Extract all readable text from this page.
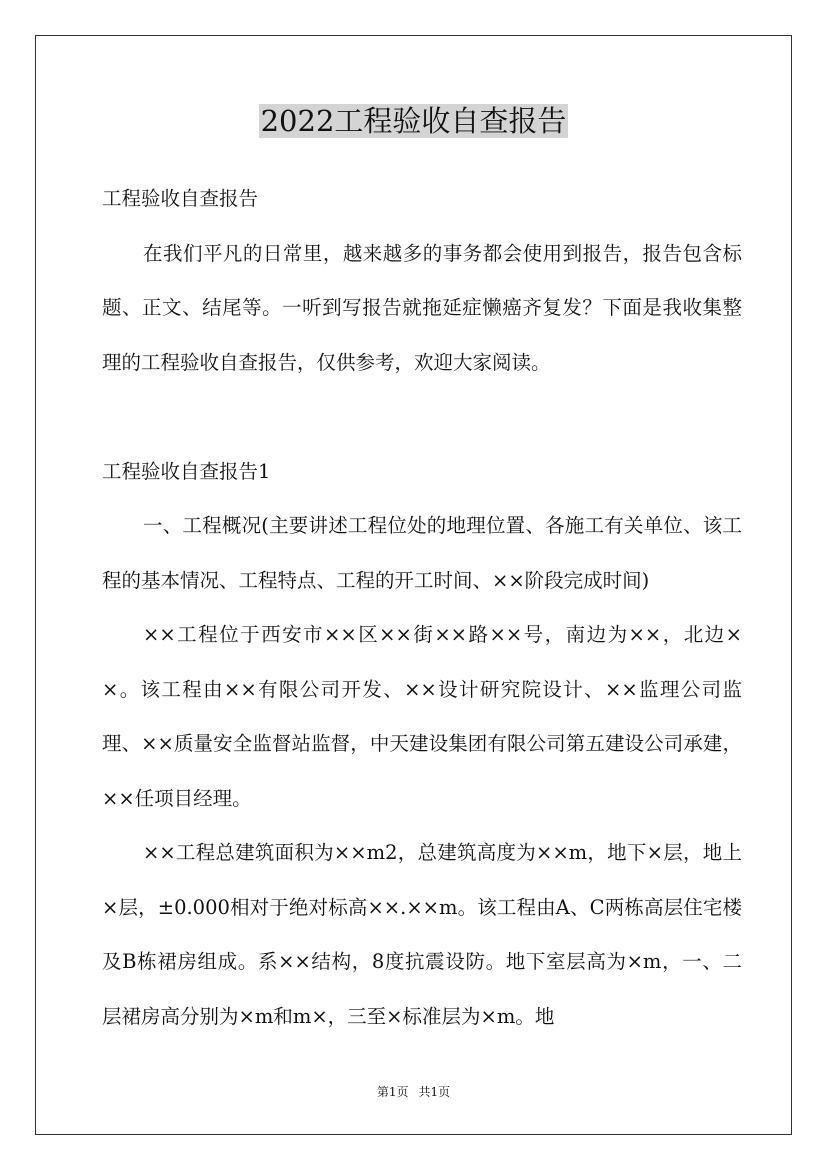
2022工程验收自查报告

工程验收自查报告

在我们平凡的日常里，越来越多的事务都会使用到报告，报告包含标题、正文、结尾等。一听到写报告就拖延症懒癌齐复发？下面是我收集整理的工程验收自查报告，仅供参考，欢迎大家阅读。

工程验收自查报告1

一、工程概况(主要讲述工程位处的地理位置、各施工有关单位、该工程的基本情况、工程特点、工程的开工时间、××阶段完成时间)

××工程位于西安市××区××街××路××号，南边为××，北边××。该工程由××有限公司开发、××设计研究院设计、××监理公司监理、××质量安全监督站监督，中天建设集团有限公司第五建设公司承建，××任项目经理。

××工程总建筑面积为××m2，总建筑高度为××m，地下×层，地上×层，±0.000相对于绝对标高××.××m。该工程由A、C两栋高层住宅楼及B栋裙房组成。系××结构，8度抗震设防。地下室层高为×m，一、二层裙房高分别为×m和m×，三至×标准层为×m。地

第1页 共1页
